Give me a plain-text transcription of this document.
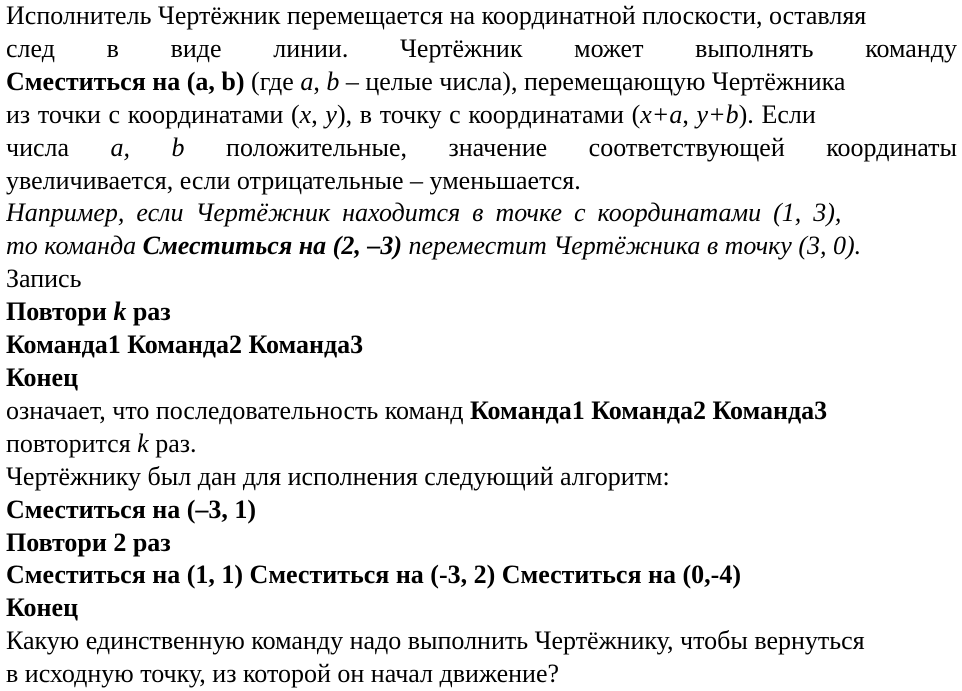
Исполнитель Чертёжник перемещается на координатной плоскости, оставляя
след в виде линии. Чертёжник может выполнять команду
Сместиться на (a, b) (где a, b – целые числа), перемещающую Чертёжника
из точки с координатами (x, y), в точку с координатами (x+a, y+b). Если
числа a, b положительные, значение соответствующей координаты
увеличивается, если отрицательные – уменьшается.
Например, если Чертёжник находится в точке с координатами (1, 3),
то команда Сместиться на (2, –3) переместит Чертёжника в точку (3, 0).
Запись
Повтори k раз
Команда1 Команда2 Команда3
Конец
означает, что последовательность команд Команда1 Команда2 Команда3
повторится k раз.
Чертёжнику был дан для исполнения следующий алгоритм:
Сместиться на (–3, 1)
Повтори 2 раз
Сместиться на (1, 1) Сместиться на (-3, 2) Сместиться на (0,-4)
Конец
Какую единственную команду надо выполнить Чертёжнику, чтобы вернуться
в исходную точку, из которой он начал движение?
